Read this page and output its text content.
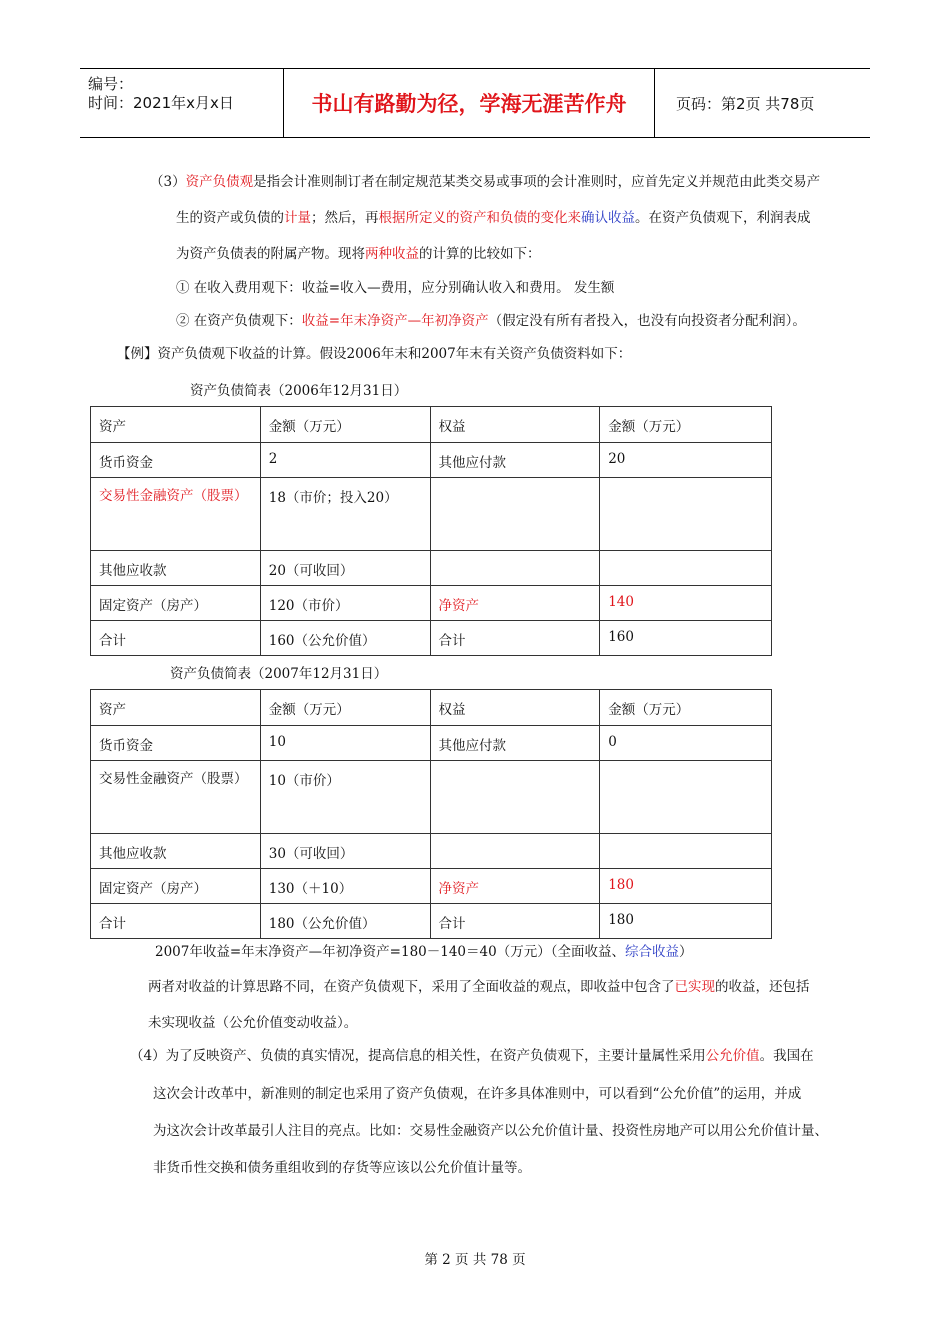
编号：
时间：2021年x月x日	书山有路勤为径，学海无涯苦作舟	页码：第2页 共78页
（3）资产负债观是指会计准则制订者在制定规范某类交易或事项的会计准则时，应首先定义并规范由此类交易产
生的资产或负债的计量；然后，再根据所定义的资产和负债的变化来确认收益。在资产负债观下，利润表成
为资产负债表的附属产物。现将两种收益的计算的比较如下：
① 在收入费用观下：收益=收入—费用，应分别确认收入和费用。 发生额
② 在资产负债观下：收益=年末净资产—年初净资产（假定没有所有者投入，也没有向投资者分配利润）。
【例】资产负债观下收益的计算。假设2006年末和2007年末有关资产负债资料如下：
资产负债简表（2006年12月31日）
资产	金额（万元）	权益	金额（万元）
货币资金	2	其他应付款	20
交易性金融资产（股票）	18（市价；投入20）		
其他应收款	20（可收回）		
固定资产（房产）	120（市价）	净资产	140
合计	160（公允价值）	合计	160
资产负债简表（2007年12月31日）
资产	金额（万元）	权益	金额（万元）
货币资金	10	其他应付款	0
交易性金融资产（股票）	10（市价）		
其他应收款	30（可收回）		
固定资产（房产）	130（＋10）	净资产	180
合计	180（公允价值）	合计	180
2007年收益=年末净资产—年初净资产=180－140＝40（万元）（全面收益、综合收益）
两者对收益的计算思路不同，在资产负债观下，采用了全面收益的观点，即收益中包含了已实现的收益，还包括
未实现收益（公允价值变动收益）。
（4）为了反映资产、负债的真实情况，提高信息的相关性，在资产负债观下，主要计量属性采用公允价值。我国在
这次会计改革中，新准则的制定也采用了资产负债观，在许多具体准则中，可以看到“公允价值”的运用，并成
为这次会计改革最引人注目的亮点。比如：交易性金融资产以公允价值计量、投资性房地产可以用公允价值计量、
非货币性交换和债务重组收到的存货等应该以公允价值计量等。
第 2 页 共 78 页
